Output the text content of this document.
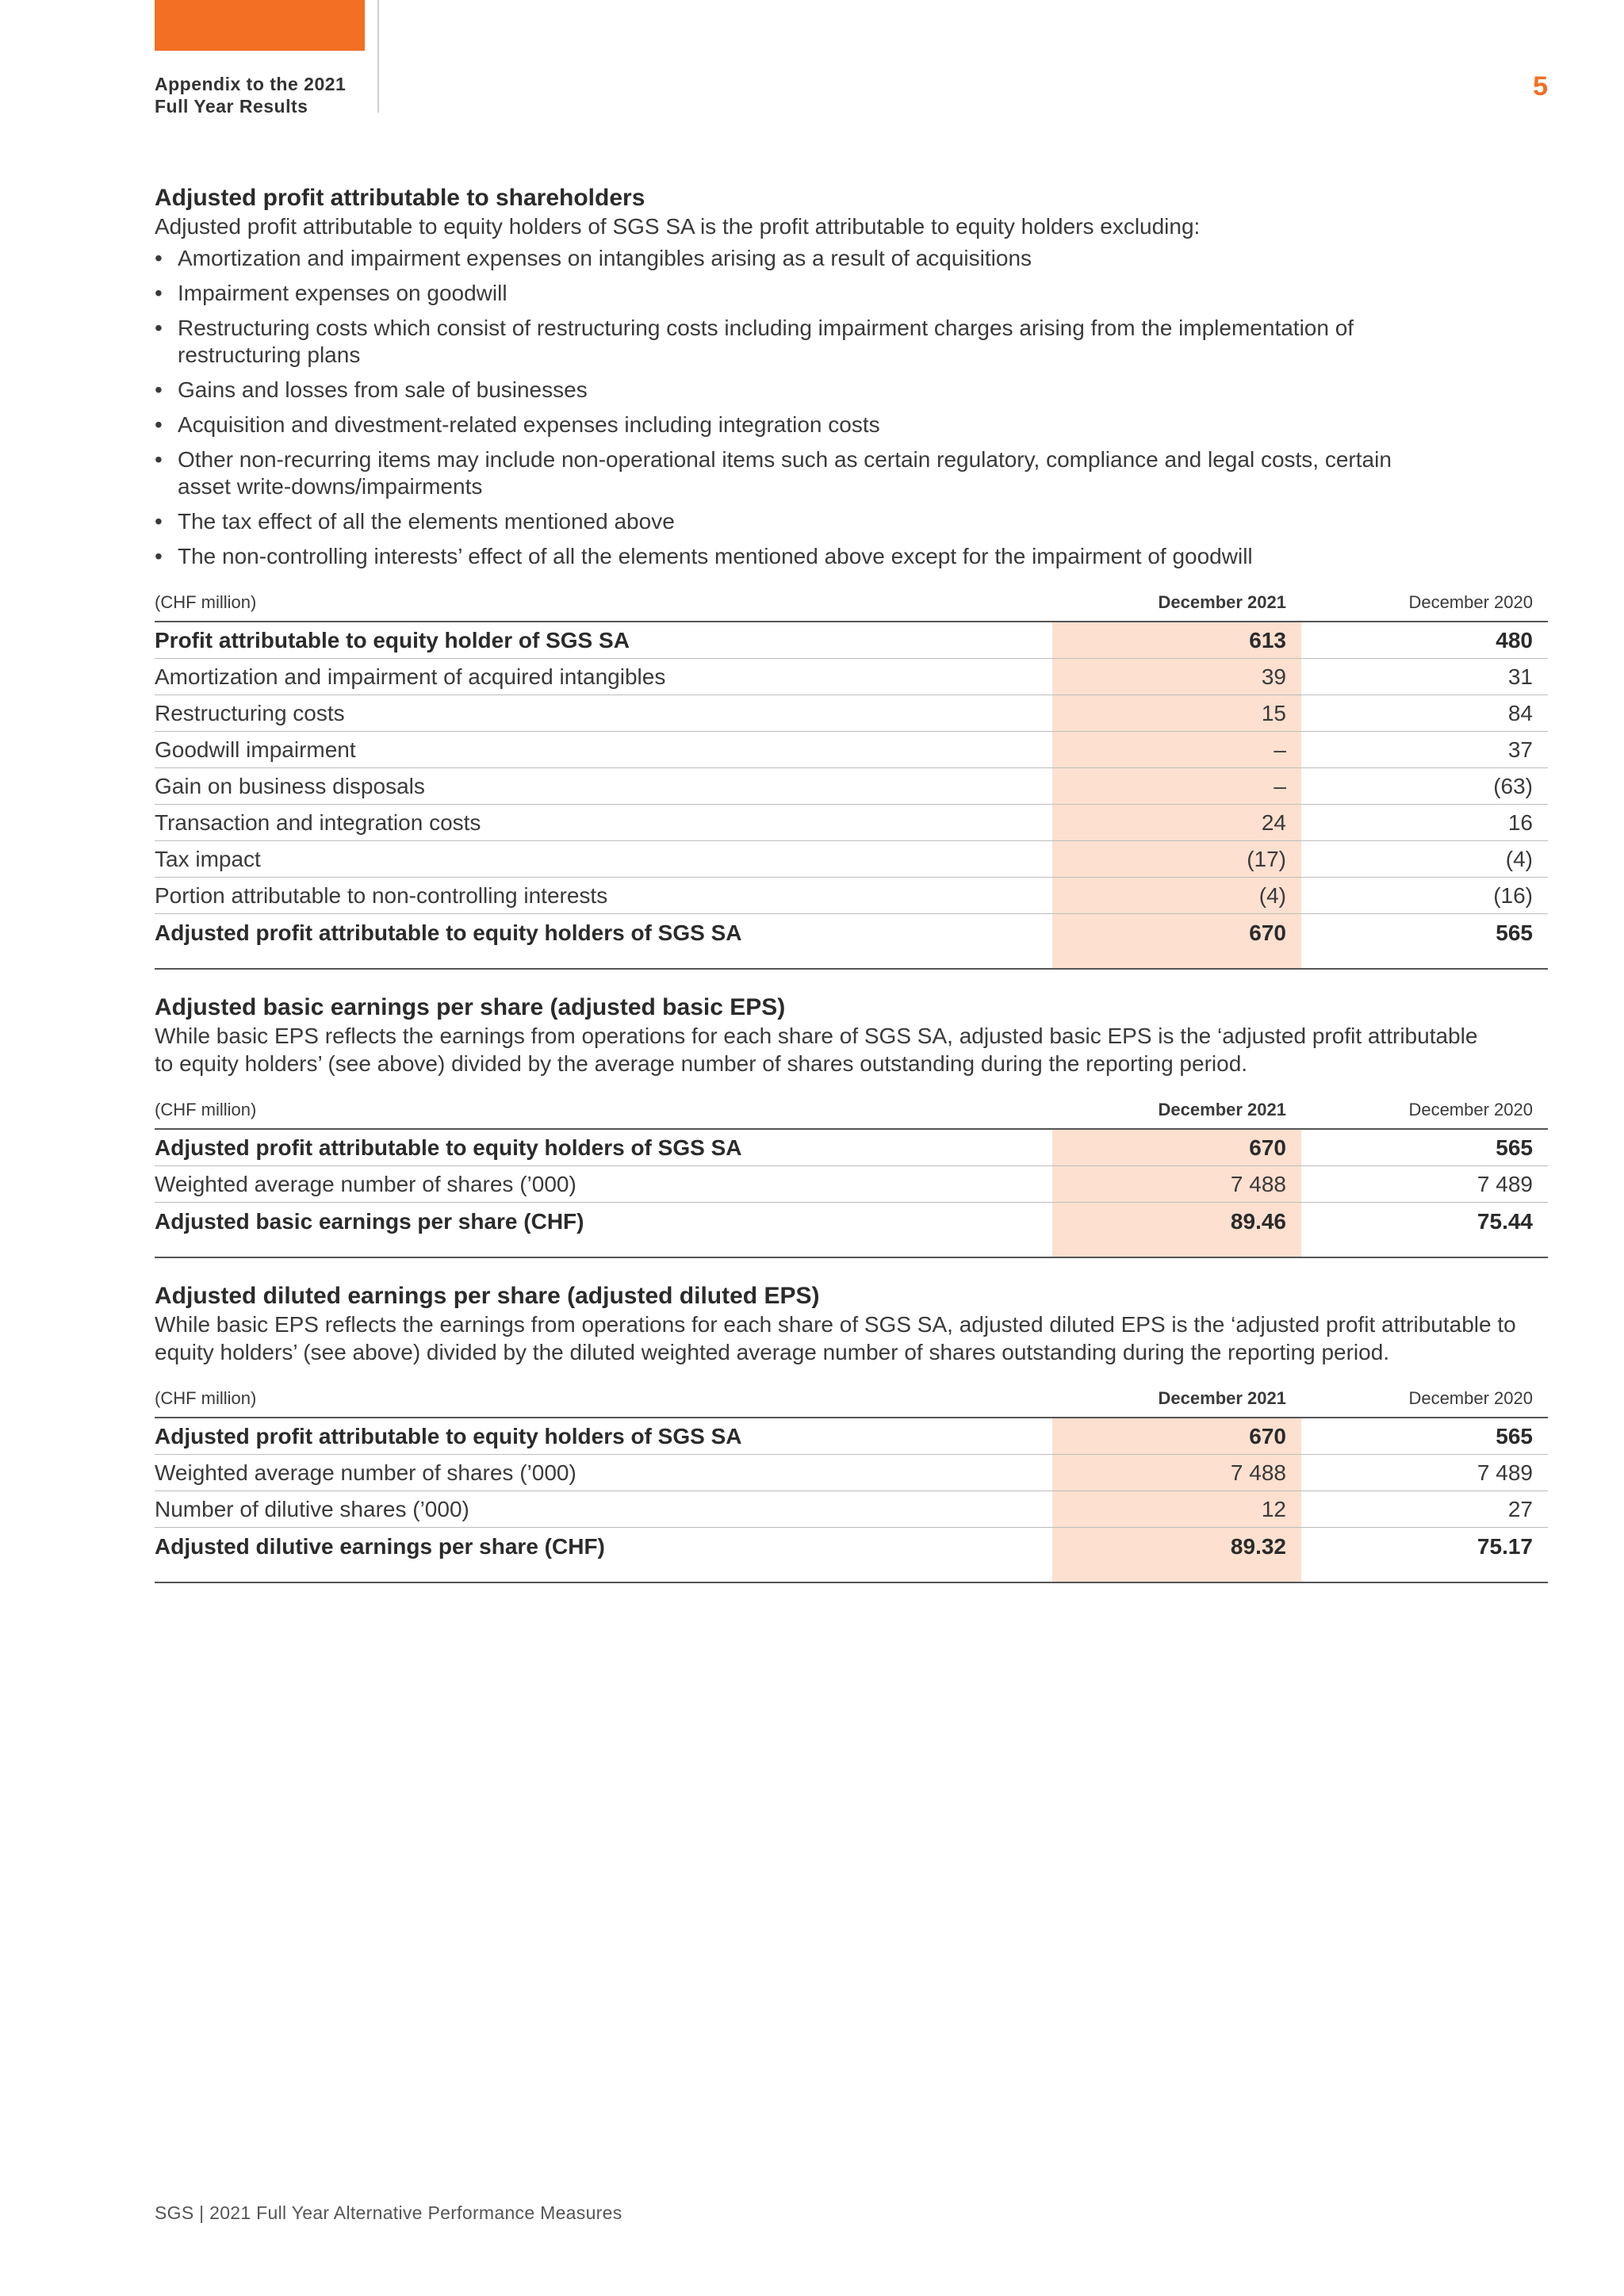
Appendix to the 2021
Full Year Results
5
Adjusted profit attributable to shareholders

Adjusted profit attributable to equity holders of SGS SA is the profit attributable to equity holders excluding:

• Amortization and impairment expenses on intangibles arising as a result of acquisitions
• Impairment expenses on goodwill
• Restructuring costs which consist of restructuring costs including impairment charges arising from the implementation of restructuring plans
• Gains and losses from sale of businesses
• Acquisition and divestment-related expenses including integration costs
• Other non-recurring items may include non-operational items such as certain regulatory, compliance and legal costs, certain asset write-downs/impairments
• The tax effect of all the elements mentioned above
• The non-controlling interests’ effect of all the elements mentioned above except for the impairment of goodwill
(CHF million)	December 2021	December 2020
Profit attributable to equity holder of SGS SA	613	480
Amortization and impairment of acquired intangibles	39	31
Restructuring costs	15	84
Goodwill impairment	–	37
Gain on business disposals	–	(63)
Transaction and integration costs	24	16
Tax impact	(17)	(4)
Portion attributable to non-controlling interests	(4)	(16)
Adjusted profit attributable to equity holders of SGS SA	670	565
Adjusted basic earnings per share (adjusted basic EPS)

While basic EPS reflects the earnings from operations for each share of SGS SA, adjusted basic EPS is the ‘adjusted profit attributable

to equity holders’ (see above) divided by the average number of shares outstanding during the reporting period.

(CHF million)	December 2021	December 2020
Adjusted profit attributable to equity holders of SGS SA	670	565
Weighted average number of shares (’000)	7 488	7 489
Adjusted basic earnings per share (CHF)	89.46	75.44
Adjusted diluted earnings per share (adjusted diluted EPS)

While basic EPS reflects the earnings from operations for each share of SGS SA, adjusted diluted EPS is the ‘adjusted profit attributable to

equity holders’ (see above) divided by the diluted weighted average number of shares outstanding during the reporting period.

(CHF million)	December 2021	December 2020
Adjusted profit attributable to equity holders of SGS SA	670	565
Weighted average number of shares (’000)	7 488	7 489
Number of dilutive shares (’000)	12	27
Adjusted dilutive earnings per share (CHF)	89.32	75.17
SGS | 2021 Full Year Alternative Performance Measures
